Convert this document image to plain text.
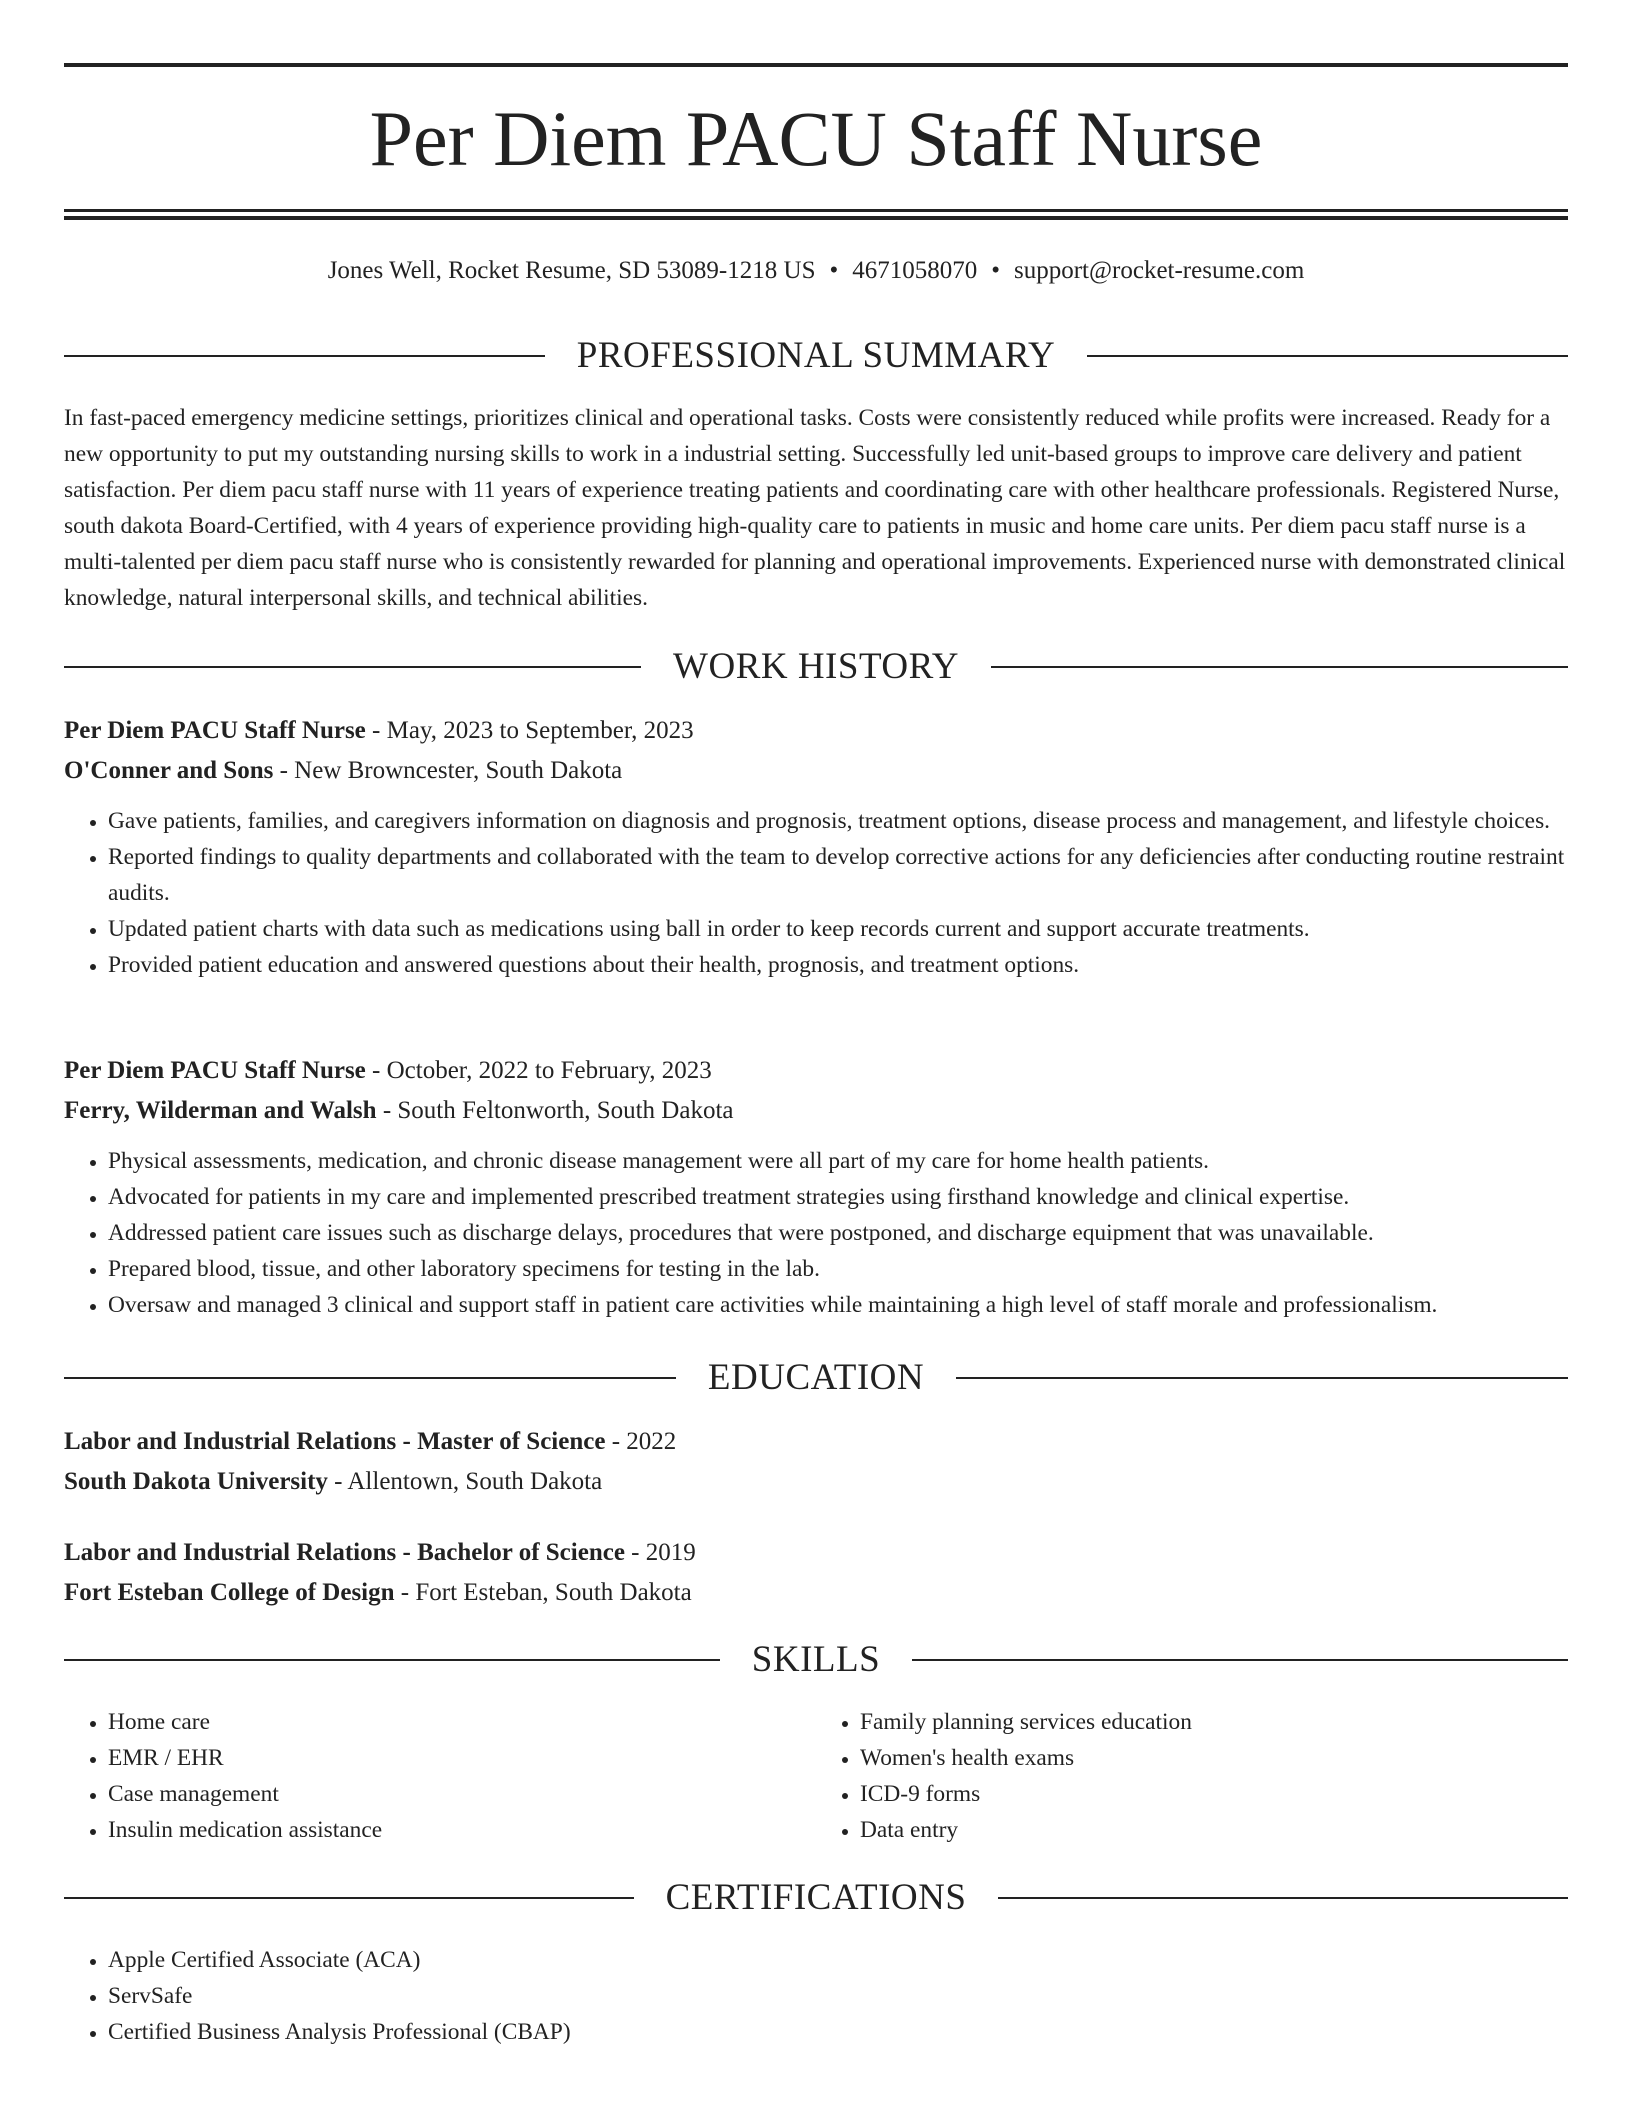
Per Diem PACU Staff Nurse
Jones Well, Rocket Resume, SD 53089-1218 US • 4671058070 • support@rocket-resume.com
PROFESSIONAL SUMMARY

In fast-paced emergency medicine settings, prioritizes clinical and operational tasks. Costs were consistently reduced while profits were increased. Ready for a new opportunity to put my outstanding nursing skills to work in a industrial setting. Successfully led unit-based groups to improve care delivery and patient satisfaction. Per diem pacu staff nurse with 11 years of experience treating patients and coordinating care with other healthcare professionals. Registered Nurse, south dakota Board-Certified, with 4 years of experience providing high-quality care to patients in music and home care units. Per diem pacu staff nurse is a multi-talented per diem pacu staff nurse who is consistently rewarded for planning and operational improvements. Experienced nurse with demonstrated clinical knowledge, natural interpersonal skills, and technical abilities.

WORK HISTORY
Per Diem PACU Staff Nurse - May, 2023 to September, 2023
O'Conner and Sons - New Browncester, South Dakota
• Gave patients, families, and caregivers information on diagnosis and prognosis, treatment options, disease process and management, and lifestyle choices.
• Reported findings to quality departments and collaborated with the team to develop corrective actions for any deficiencies after conducting routine restraint audits.
• Updated patient charts with data such as medications using ball in order to keep records current and support accurate treatments.
• Provided patient education and answered questions about their health, prognosis, and treatment options.
Per Diem PACU Staff Nurse - October, 2022 to February, 2023
Ferry, Wilderman and Walsh - South Feltonworth, South Dakota
• Physical assessments, medication, and chronic disease management were all part of my care for home health patients.
• Advocated for patients in my care and implemented prescribed treatment strategies using firsthand knowledge and clinical expertise.
• Addressed patient care issues such as discharge delays, procedures that were postponed, and discharge equipment that was unavailable.
• Prepared blood, tissue, and other laboratory specimens for testing in the lab.
• Oversaw and managed 3 clinical and support staff in patient care activities while maintaining a high level of staff morale and professionalism.
EDUCATION
Labor and Industrial Relations - Master of Science - 2022
South Dakota University - Allentown, South Dakota
Labor and Industrial Relations - Bachelor of Science - 2019
Fort Esteban College of Design - Fort Esteban, South Dakota
SKILLS
• Home care
• EMR / EHR
• Case management
• Insulin medication assistance
• Family planning services education
• Women's health exams
• ICD-9 forms
• Data entry
CERTIFICATIONS
• Apple Certified Associate (ACA)
• ServSafe
• Certified Business Analysis Professional (CBAP)
